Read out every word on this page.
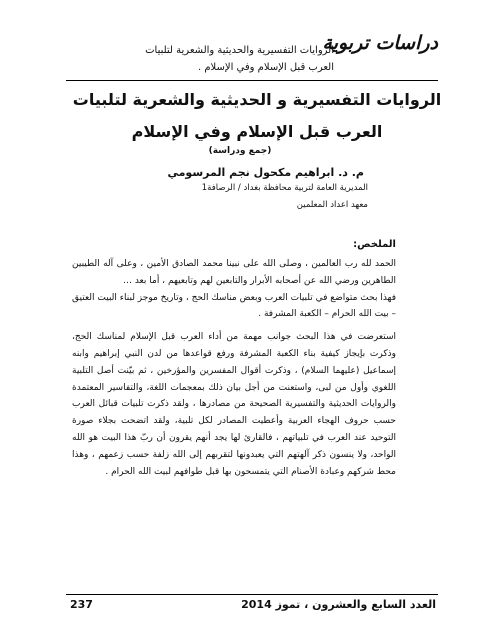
دراسات تربوية
الروايات التفسيرية والحديثية والشعرية لتلبيات
العرب قبل الإسلام وفي الإسلام .
الروايات التفسيرية و الحديثية والشعرية لتلبيات
العرب قبل الإسلام وفي الإسلام
(جمع ودراسة)
م. د. ابراهيم مكحول نجم المرسومي
المديرية العامة لتربية محافظة بغداد / الرصافة1
معهد اعداد المعلمين
الملخص:

الحمد لله رب العالمين ، وصلى الله على نبينا محمد الصادق الأمين ، وعلى آله الطيبين الطاهرين ورضي الله عن أصحابه الأبرار والتابعين لهم وتابعيهم ، أما بعد …

فهذا بحث متواضع في تلبيات العرب وبعض مناسك الحج ، وتاريخ موجز لبناء البيت العتيق – بيت الله الحرام – الكعبة المشرفة .

استعرضت في هذا البحث جوانب مهمة من أداء العرب قبل الإسلام لمناسك الحج، وذكرت بإيجاز كيفية بناء الكعبة المشرفة ورفع قواعدها من لدن النبي إبراهيم وابنه إسماعيل (عليهما السلام) ، وذكرت أقوال المفسرين والمؤرخين ، ثم بيّنت أصل التلبية اللغوي وأول من لبى، واستعنت من أجل بيان ذلك بمعجمات اللغة، والتفاسير المعتمدة والروايات الحديثية والتفسيرية الصحيحة من مصادرها ، ولقد ذكرت تلبيات قبائل العرب حسب حروف الهجاء العربية وأعطيت المصادر لكل تلبية، ولقد اتضحت بجلاء صورة التوحيد عند العرب في تلبياتهم ، فالقارئ لها يجد أنهم يقرون أن ربّ هذا البيت هو الله الواحد، ولا ينسون ذكر آلهتهم التي يعبدونها لتقربهم إلى الله زلفة حسب زعمهم ، وهذا محط شركهم وعبادة الأصنام التي يتمسحون بها قبل طوافهم لبيت الله الحرام .

العدد السابع والعشرون ، تموز 2014
237
